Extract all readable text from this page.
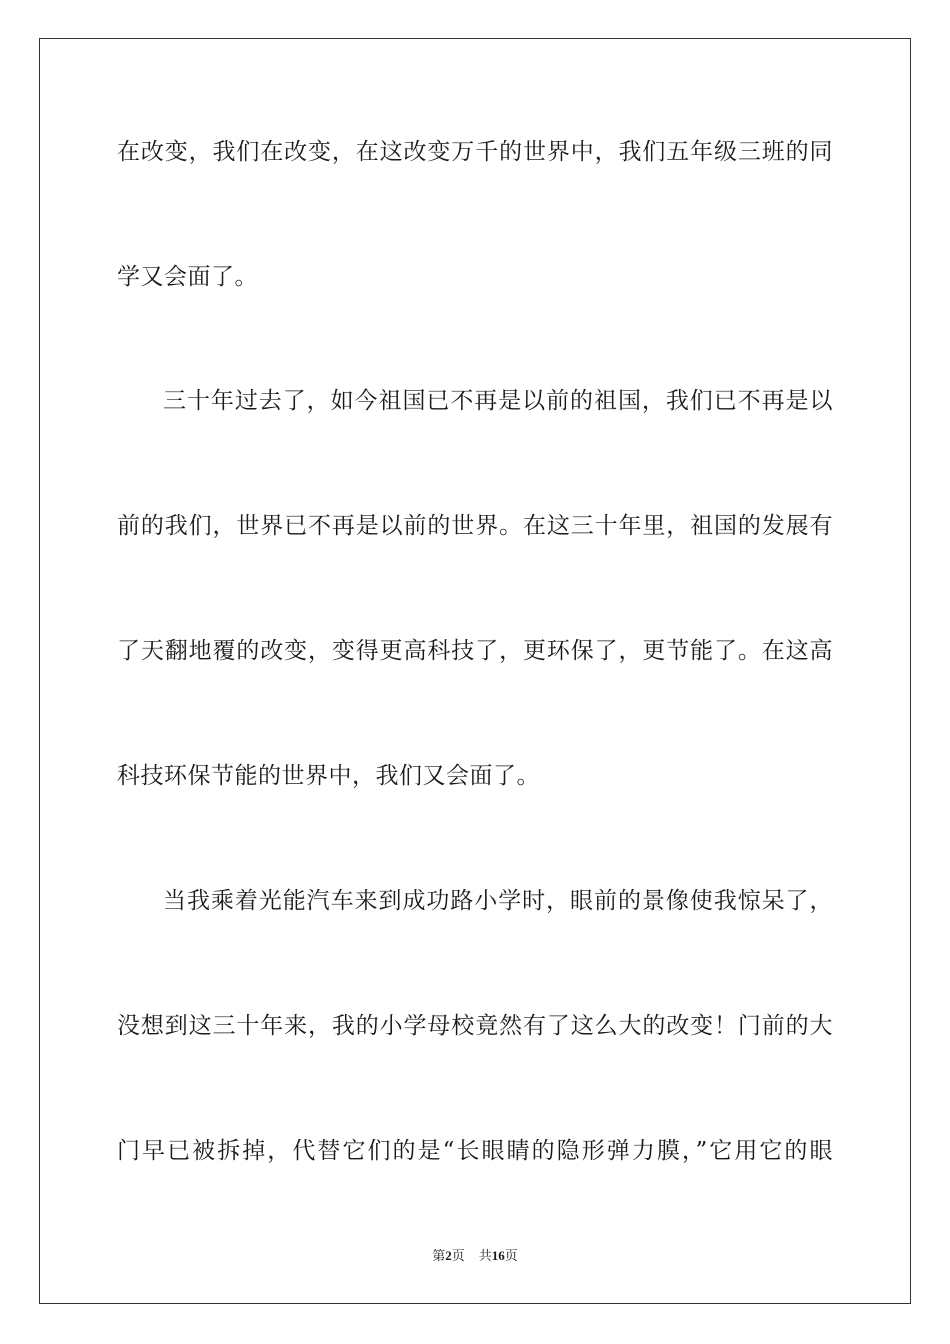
在改变，我们在改变，在这改变万千的世界中，我们五年级三班的同
学又会面了。
三十年过去了，如今祖国已不再是以前的祖国，我们已不再是以
前的我们，世界已不再是以前的世界。在这三十年里，祖国的发展有
了天翻地覆的改变，变得更高科技了，更环保了，更节能了。在这高
科技环保节能的世界中，我们又会面了。
当我乘着光能汽车来到成功路小学时，眼前的景像使我惊呆了，
没想到这三十年来，我的小学母校竟然有了这么大的改变！门前的大
门早已被拆掉，代替它们的是“长眼睛的隐形弹力膜，”它用它的眼
第2页 共16页
